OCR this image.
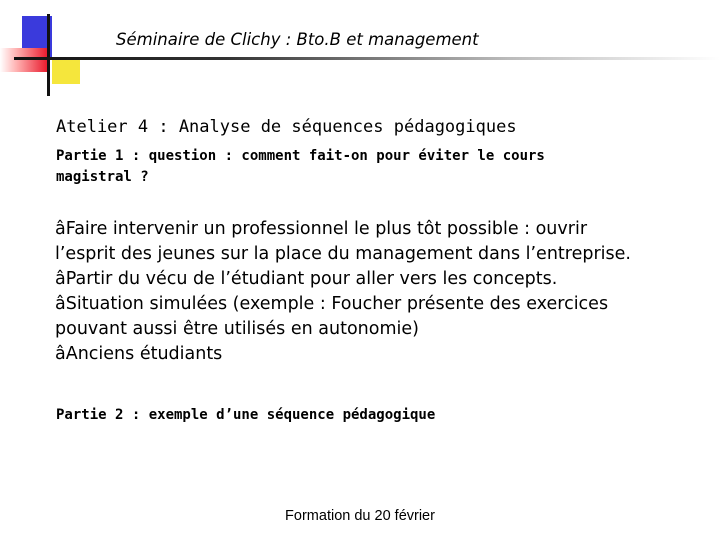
Séminaire de Clichy : Bto.B et management
Atelier 4 : Analyse de séquences pédagogiques
Partie 1 : question : comment fait-on pour éviter le cours
magistral ?

âFaire intervenir un professionnel le plus tôt possible : ouvrir
l’esprit des jeunes sur la place du management dans l’entreprise.

âPartir du vécu de l’étudiant pour aller vers les concepts.

âSituation simulées (exemple : Foucher présente des exercices
pouvant aussi être utilisés en autonomie)

âAnciens étudiants

Partie 2 : exemple d’une séquence pédagogique
Formation du 20 février
